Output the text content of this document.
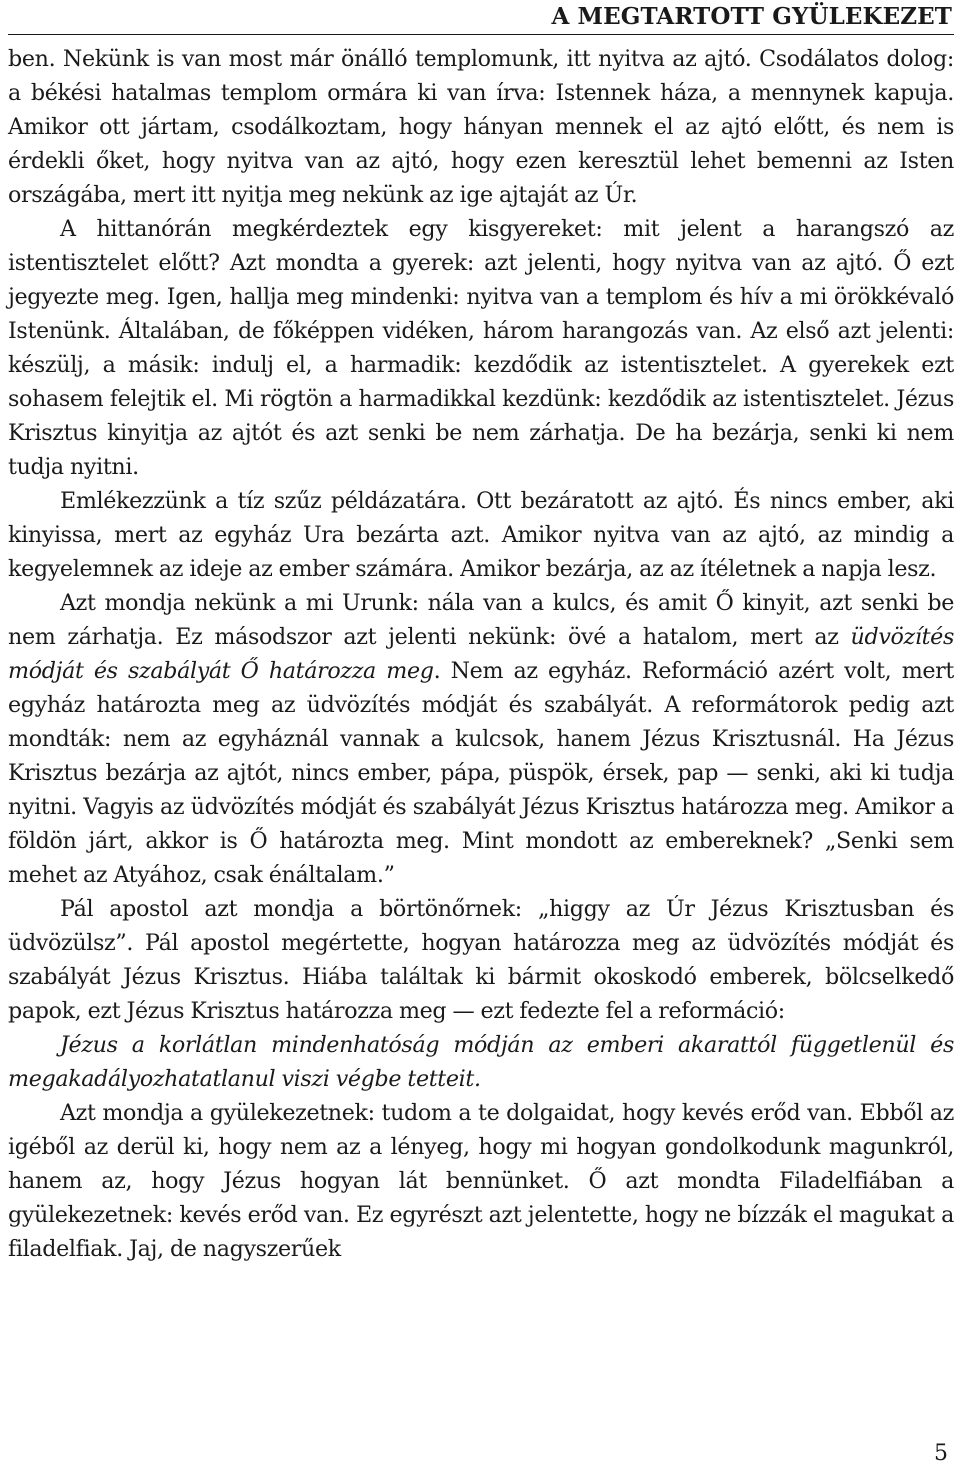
A MEGTARTOTT GYÜLEKEZET

ben. Nekünk is van most már önálló templomunk, itt nyitva az ajtó. Csodálatos dolog: a békési hatalmas templom ormára ki van írva: Istennek háza, a mennynek kapuja. Amikor ott jártam, csodálkoztam, hogy hányan mennek el az ajtó előtt, és nem is érdekli őket, hogy nyitva van az ajtó, hogy ezen keresztül lehet bemenni az Isten országába, mert itt nyitja meg nekünk az ige ajtaját az Úr.

A hittanórán megkérdeztek egy kisgyereket: mit jelent a harangszó az istentisztelet előtt? Azt mondta a gyerek: azt jelenti, hogy nyitva van az ajtó. Ő ezt jegyezte meg. Igen, hallja meg mindenki: nyitva van a templom és hív a mi örökkévaló Istenünk. Általában, de főképpen vidéken, három harangozás van. Az első azt jelenti: készülj, a másik: indulj el, a harmadik: kezdődik az istentisztelet. A gyerekek ezt sohasem felejtik el. Mi rögtön a harmadikkal kezdünk: kezdődik az istentisztelet. Jézus Krisztus kinyitja az ajtót és azt senki be nem zárhatja. De ha bezárja, senki ki nem tudja nyitni.

Emlékezzünk a tíz szűz példázatára. Ott bezáratott az ajtó. És nincs ember, aki kinyissa, mert az egyház Ura bezárta azt. Amikor nyitva van az ajtó, az mindig a kegyelemnek az ideje az ember számára. Amikor bezárja, az az ítéletnek a napja lesz.

Azt mondja nekünk a mi Urunk: nála van a kulcs, és amit Ő kinyit, azt senki be nem zárhatja. Ez másodszor azt jelenti nekünk: övé a hatalom, mert az üdvözítés módját és szabályát Ő határozza meg. Nem az egyház. Reformáció azért volt, mert egyház határozta meg az üdvözítés módját és szabályát. A reformátorok pedig azt mondták: nem az egyháznál vannak a kulcsok, hanem Jézus Krisztusnál. Ha Jézus Krisztus bezárja az ajtót, nincs ember, pápa, püspök, érsek, pap — senki, aki ki tudja nyitni. Vagyis az üdvözítés módját és szabályát Jézus Krisztus határozza meg. Amikor a földön járt, akkor is Ő határozta meg. Mint mondott az embereknek? „Senki sem mehet az Atyához, csak énáltalam.”

Pál apostol azt mondja a börtönőrnek: „higgy az Úr Jézus Krisztusban és üdvözülsz”. Pál apostol megértette, hogyan határozza meg az üdvözítés módját és szabályát Jézus Krisztus. Hiába találtak ki bármit okoskodó emberek, bölcselkedő papok, ezt Jézus Krisztus határozza meg — ezt fedezte fel a reformáció:

Jézus a korlátlan mindenhatóság módján az emberi akarattól függetlenül és megakadályozhatatlanul viszi végbe tetteit.

Azt mondja a gyülekezetnek: tudom a te dolgaidat, hogy kevés erőd van. Ebből az igéből az derül ki, hogy nem az a lényeg, hogy mi hogyan gondolkodunk magunkról, hanem az, hogy Jézus hogyan lát bennünket. Ő azt mondta Filadelfiában a gyülekezetnek: kevés erőd van. Ez egyrészt azt jelentette, hogy ne bízzák el magukat a filadelfiak. Jaj, de nagyszerűek

5
